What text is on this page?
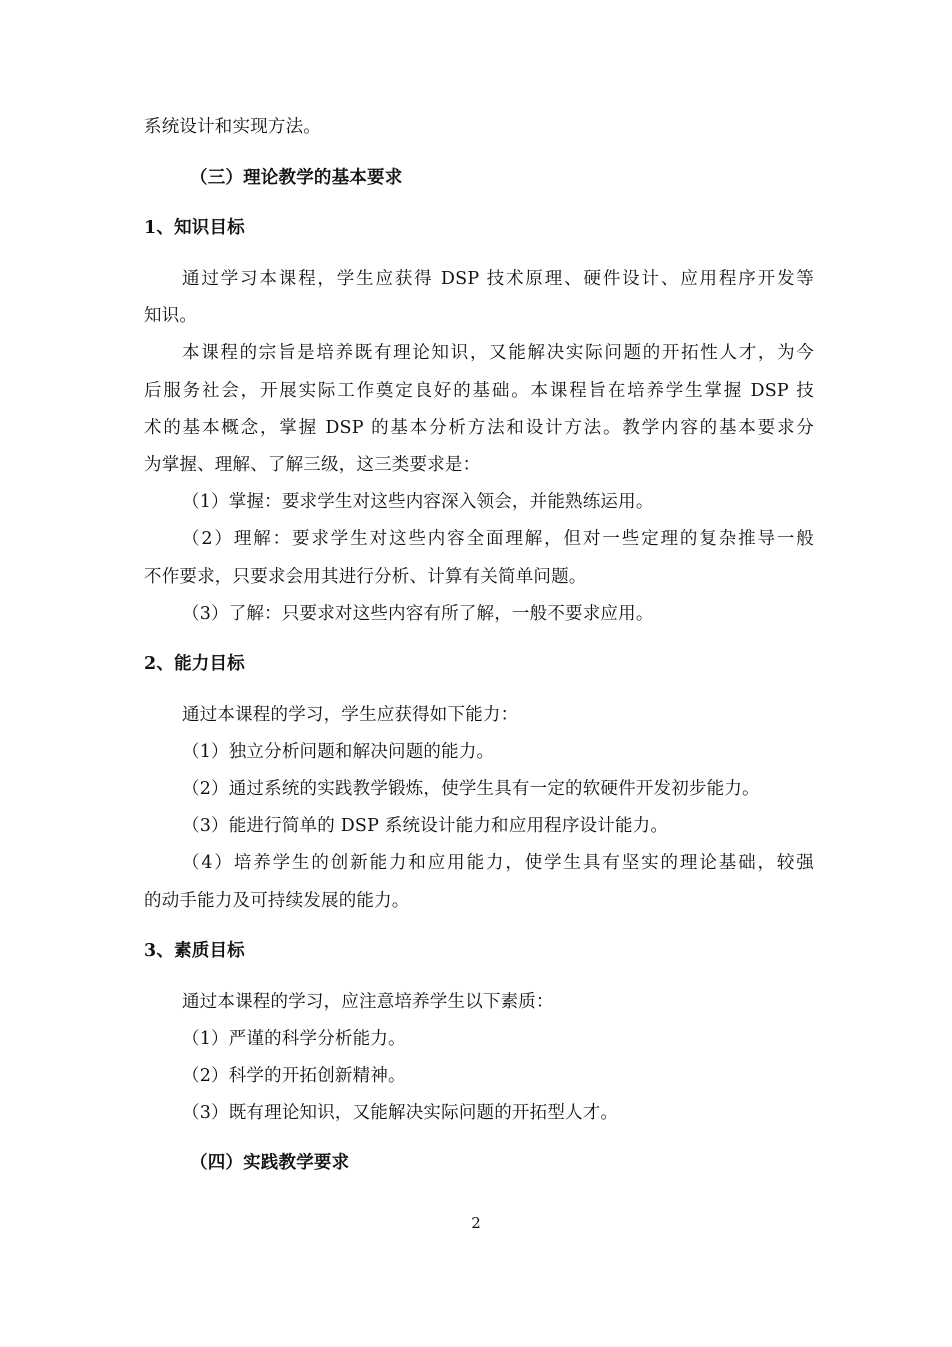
系统设计和实现方法。
（三）理论教学的基本要求
1、知识目标
通过学习本课程，学生应获得 DSP 技术原理、硬件设计、应用程序开发等
知识。
本课程的宗旨是培养既有理论知识，又能解决实际问题的开拓性人才，为今
后服务社会，开展实际工作奠定良好的基础。本课程旨在培养学生掌握 DSP 技
术的基本概念，掌握 DSP 的基本分析方法和设计方法。教学内容的基本要求分
为掌握、理解、了解三级，这三类要求是：
（1）掌握：要求学生对这些内容深入领会，并能熟练运用。
（2）理解：要求学生对这些内容全面理解，但对一些定理的复杂推导一般
不作要求，只要求会用其进行分析、计算有关简单问题。
（3）了解：只要求对这些内容有所了解，一般不要求应用。
2、能力目标
通过本课程的学习，学生应获得如下能力：
（1）独立分析问题和解决问题的能力。
（2）通过系统的实践教学锻炼，使学生具有一定的软硬件开发初步能力。
（3）能进行简单的 DSP 系统设计能力和应用程序设计能力。
（4）培养学生的创新能力和应用能力，使学生具有坚实的理论基础，较强
的动手能力及可持续发展的能力。
3、素质目标
通过本课程的学习，应注意培养学生以下素质：
（1）严谨的科学分析能力。
（2）科学的开拓创新精神。
（3）既有理论知识，又能解决实际问题的开拓型人才。
（四）实践教学要求
2
